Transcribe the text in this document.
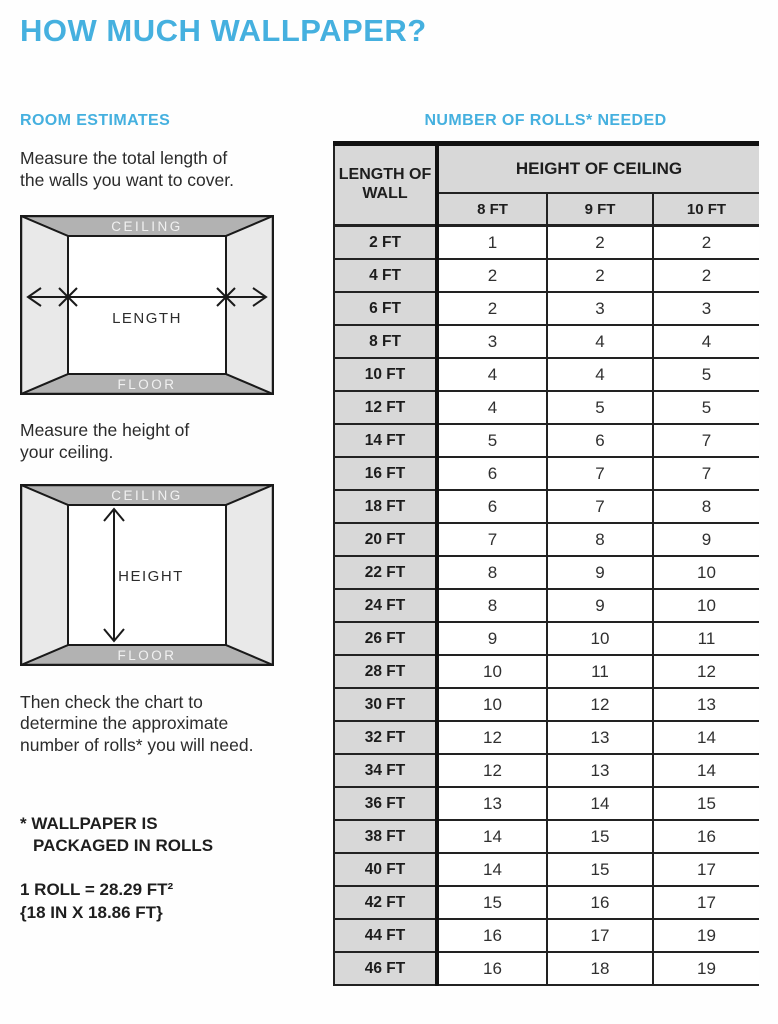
HOW MUCH WALLPAPER?
ROOM ESTIMATES

Measure the total length of
the walls you want to cover.

CEILING
FLOOR
LENGTH

Measure the height of
your ceiling.

CEILING
FLOOR
HEIGHT

Then check the chart to
determine the approximate
number of rolls* you will need.

* WALLPAPER IS
PACKAGED IN ROLLS

1 ROLL = 28.29 FT²
{18 IN X 18.86 FT}

NUMBER OF ROLLS* NEEDED
LENGTH OF WALL	HEIGHT OF CEILING		
	8 FT	9 FT	10 FT
2 FT	1	2	2
4 FT	2	2	2
6 FT	2	3	3
8 FT	3	4	4
10 FT	4	4	5
12 FT	4	5	5
14 FT	5	6	7
16 FT	6	7	7
18 FT	6	7	8
20 FT	7	8	9
22 FT	8	9	10
24 FT	8	9	10
26 FT	9	10	11
28 FT	10	11	12
30 FT	10	12	13
32 FT	12	13	14
34 FT	12	13	14
36 FT	13	14	15
38 FT	14	15	16
40 FT	14	15	17
42 FT	15	16	17
44 FT	16	17	19
46 FT	16	18	19
